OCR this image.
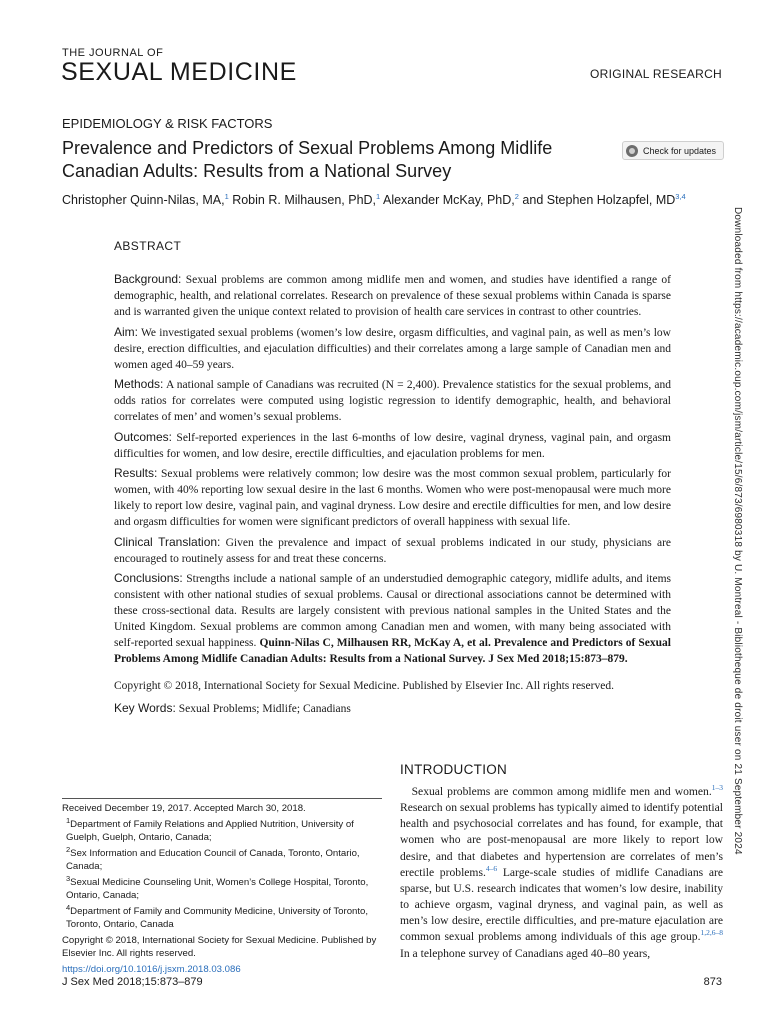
THE JOURNAL OF
SEXUAL MEDICINE	ORIGINAL RESEARCH
EPIDEMIOLOGY & RISK FACTORS
Prevalence and Predictors of Sexual Problems Among Midlife Canadian Adults: Results from a National Survey
Check for updates
Christopher Quinn-Nilas, MA,$^1$ Robin R. Milhausen, PhD,$^1$ Alexander McKay, PhD,$^2$ and Stephen Holzapfel, MD$^{3,4}$
Downloaded from https://academic.oup.com/jsm/article/15/6/873/6980318 by U. Montreal - Bibliotheque de droit user on 21 September 2024
ABSTRACT

Background: Sexual problems are common among midlife men and women, and studies have identified a range of demographic, health, and relational correlates. Research on prevalence of these sexual problems within Canada is sparse and is warranted given the unique context related to provision of health care services in contrast to other countries.

Aim: We investigated sexual problems (women’s low desire, orgasm difficulties, and vaginal pain, as well as men’s low desire, erection difficulties, and ejaculation difficulties) and their correlates among a large sample of Canadian men and women aged 40–59 years.

Methods: A national sample of Canadians was recruited (N = 2,400). Prevalence statistics for the sexual problems, and odds ratios for correlates were computed using logistic regression to identify demographic, health, and behavioral correlates of men’ and women’s sexual problems.

Outcomes: Self-reported experiences in the last 6-months of low desire, vaginal dryness, vaginal pain, and orgasm difficulties for women, and low desire, erectile difficulties, and ejaculation problems for men.

Results: Sexual problems were relatively common; low desire was the most common sexual problem, particularly for women, with 40% reporting low sexual desire in the last 6 months. Women who were post-menopausal were much more likely to report low desire, vaginal pain, and vaginal dryness. Low desire and erectile difficulties for men, and low desire and orgasm difficulties for women were significant predictors of overall happiness with sexual life.

Clinical Translation: Given the prevalence and impact of sexual problems indicated in our study, physicians are encouraged to routinely assess for and treat these concerns.

Conclusions: Strengths include a national sample of an understudied demographic category, midlife adults, and items consistent with other national studies of sexual problems. Causal or directional associations cannot be determined with these cross-sectional data. Results are largely consistent with previous national samples in the United States and the United Kingdom. Sexual problems are common among Canadian men and women, with many being associated with self-reported sexual happiness. Quinn-Nilas C, Milhausen RR, McKay A, et al. Prevalence and Predictors of Sexual Problems Among Midlife Canadian Adults: Results from a National Survey. J Sex Med 2018;15:873–879.

Copyright © 2018, International Society for Sexual Medicine. Published by Elsevier Inc. All rights reserved.

Key Words: Sexual Problems; Midlife; Canadians

Received December 19, 2017. Accepted March 30, 2018.

$^1$Department of Family Relations and Applied Nutrition, University of Guelph, Guelph, Ontario, Canada;

$^2$Sex Information and Education Council of Canada, Toronto, Ontario, Canada;

$^3$Sexual Medicine Counseling Unit, Women’s College Hospital, Toronto, Ontario, Canada;

$^4$Department of Family and Community Medicine, University of Toronto, Toronto, Ontario, Canada

Copyright © 2018, International Society for Sexual Medicine. Published by Elsevier Inc. All rights reserved.

https://doi.org/10.1016/j.jsxm.2018.03.086

INTRODUCTION
 Sexual problems are common among midlife men and women.$^{1-3}$ Research on sexual problems has typically aimed to identify potential health and psychosocial correlates and has found, for example, that women who are post-menopausal are more likely to report low desire, and that diabetes and hypertension are correlates of men’s erectile problems.$^{4-6}$ Large-scale studies of midlife Canadians are sparse, but U.S. research indicates that women’s low desire, inability to achieve orgasm, vaginal dryness, and vaginal pain, as well as men’s low desire, erectile difficulties, and pre-mature ejaculation are common sexual problems among individuals of this age group.$^{1,2,6-8}$ In a telephone survey of Canadians aged 40–80 years,
J Sex Med 2018;15:873–879	873
